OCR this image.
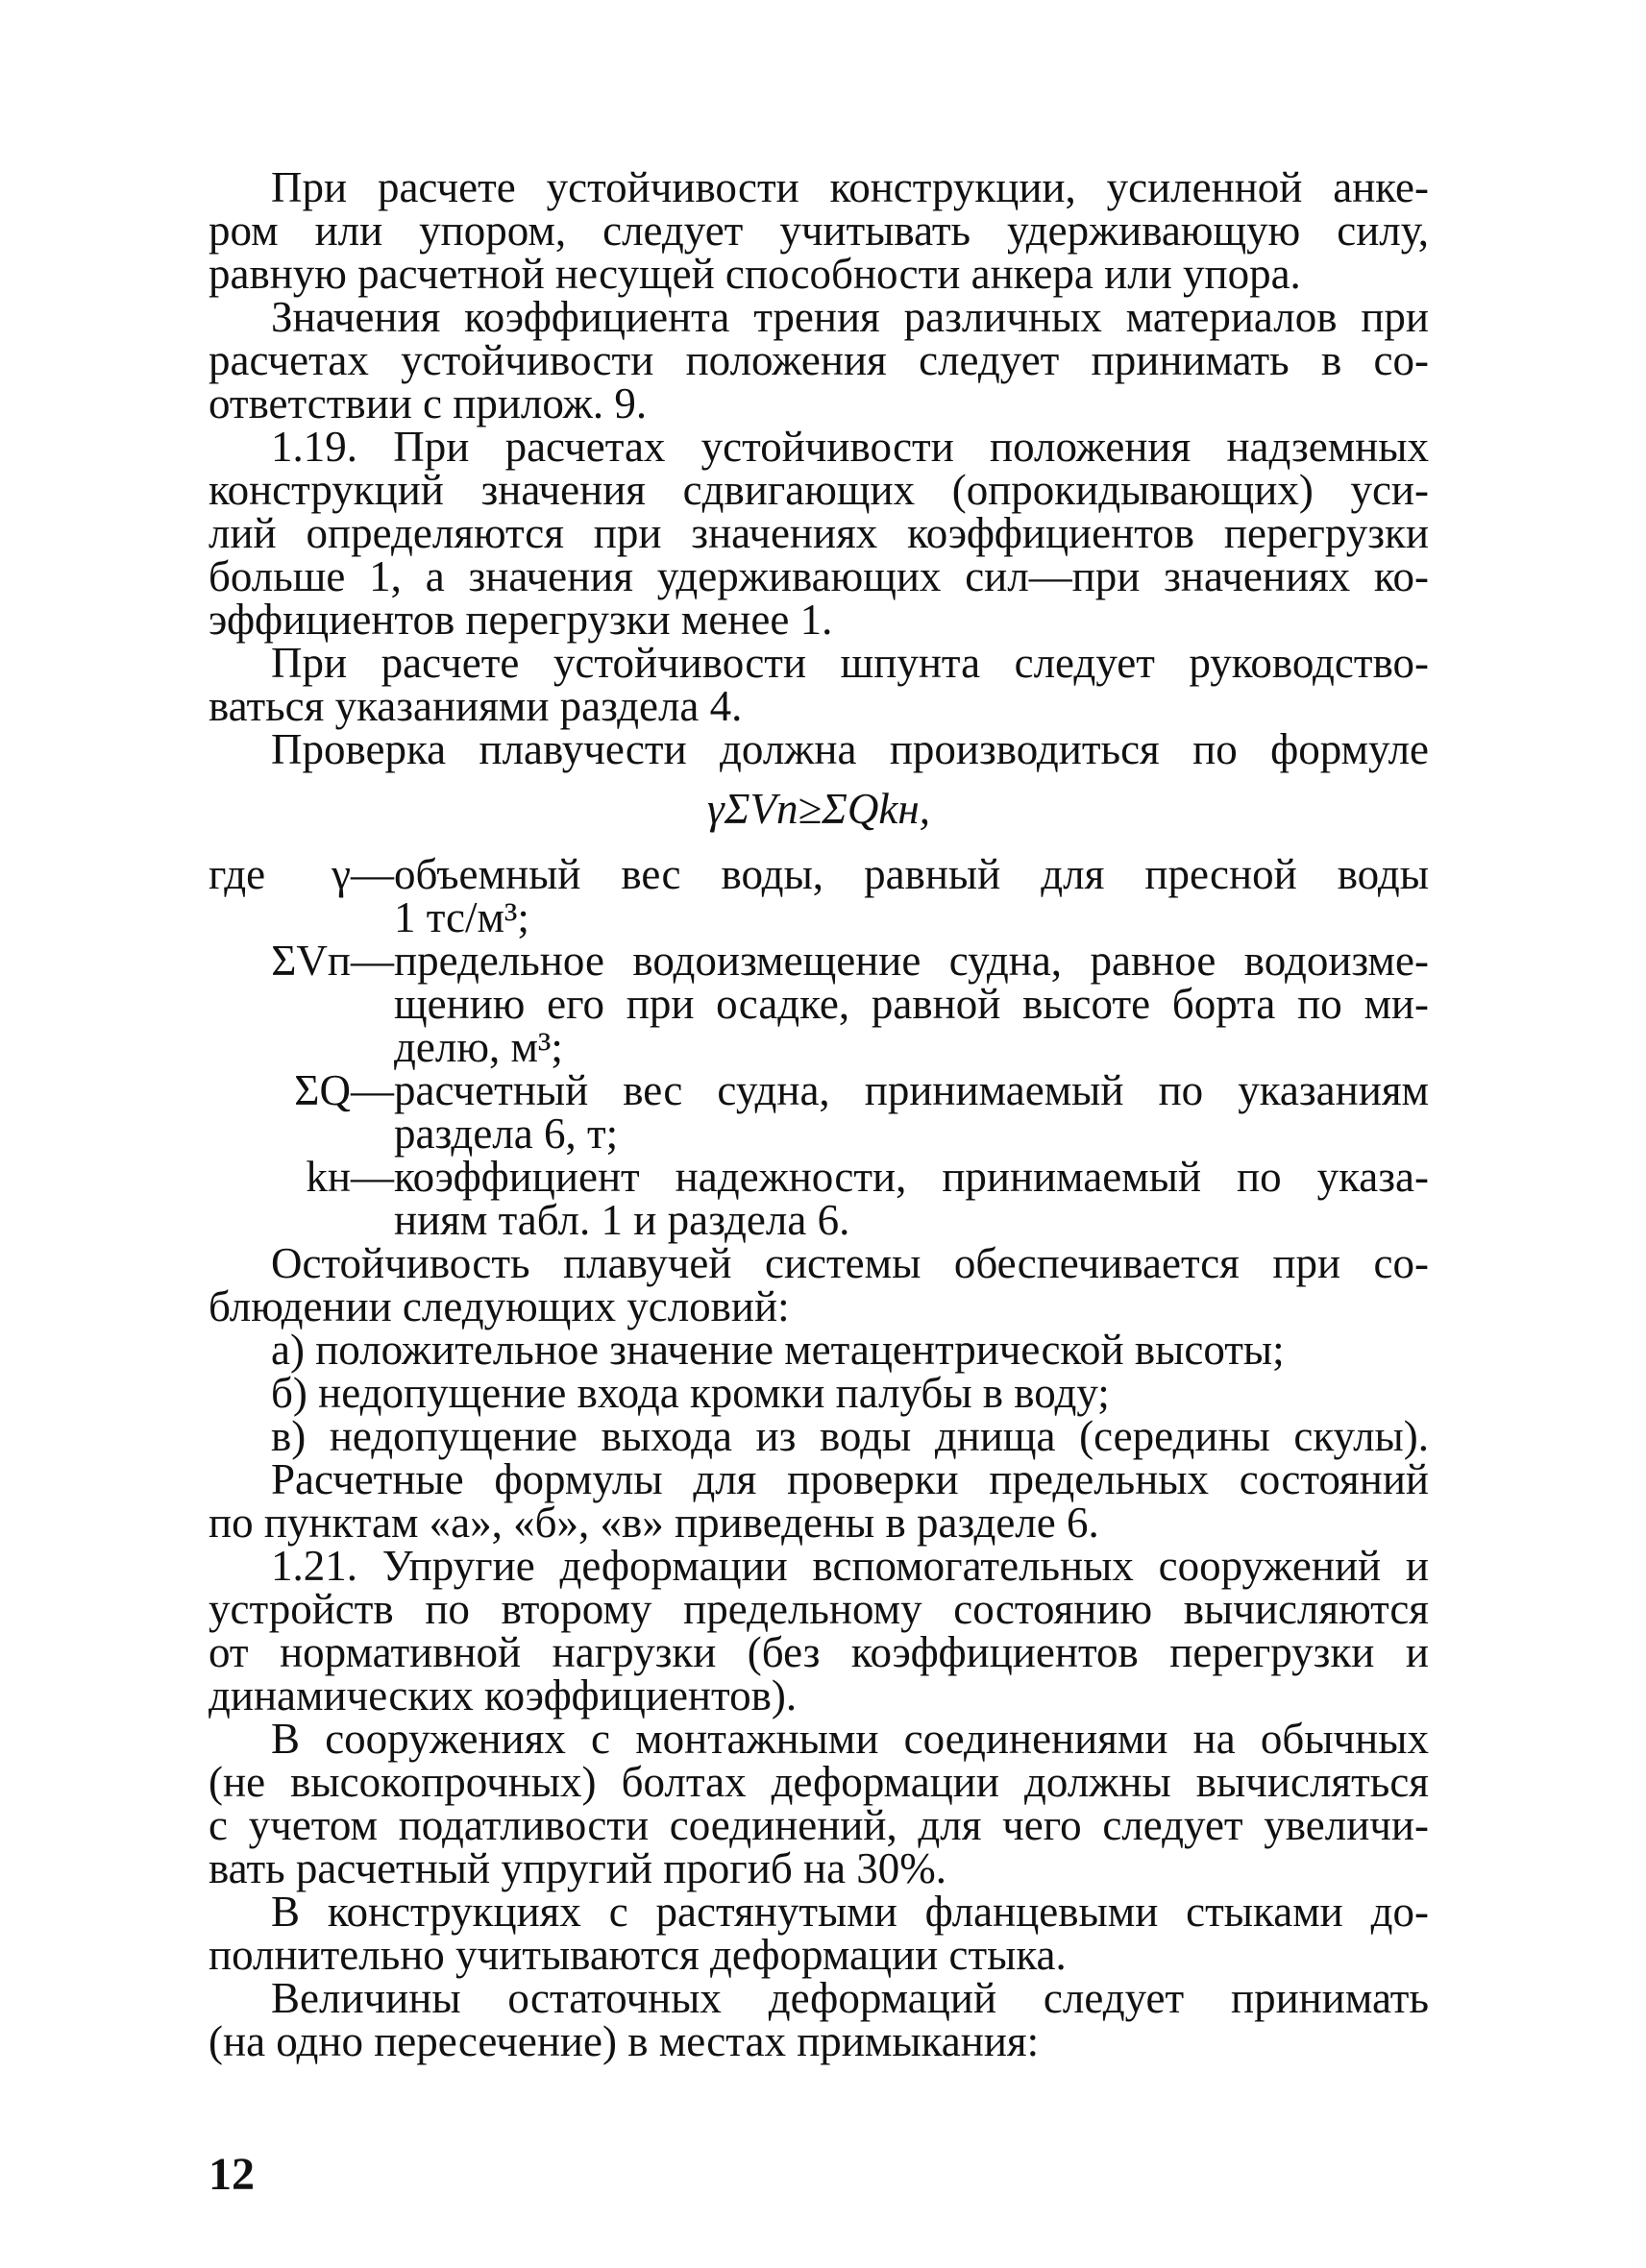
При расчете устойчивости конструкции, усиленной анке-
ром или упором, следует учитывать удерживающую силу,
равную расчетной несущей способности анкера или упора.
Значения коэффициента трения различных материалов при
расчетах устойчивости положения следует принимать в со-
ответствии с прилож. 9.
1.19. При расчетах устойчивости положения надземных
конструкций значения сдвигающих (опрокидывающих) уси-
лий определяются при значениях коэффициентов перегрузки
больше 1, а значения удерживающих сил—при значениях ко-
эффициентов перегрузки менее 1.
При расчете устойчивости шпунта следует руководство-
ваться указаниями раздела 4.
Проверка плавучести должна производиться по формуле
γΣVп≥ΣQkн,
где	γ— объемный вес воды, равный для пресной воды
1 тс/м³;
ΣVп— предельное водоизмещение судна, равное водоизме-
щению его при осадке, равной высоте борта по ми-
делю, м³;
ΣQ— расчетный вес судна, принимаемый по указаниям
раздела 6, т;
kн— коэффициент надежности, принимаемый по указа-
ниям табл. 1 и раздела 6.
Остойчивость плавучей системы обеспечивается при со-
блюдении следующих условий:
а) положительное значение метацентрической высоты;
б) недопущение входа кромки палубы в воду;
в) недопущение выхода из воды днища (середины скулы).
Расчетные формулы для проверки предельных состояний
по пунктам «а», «б», «в» приведены в разделе 6.
1.21. Упругие деформации вспомогательных сооружений и
устройств по второму предельному состоянию вычисляются
от нормативной нагрузки (без коэффициентов перегрузки и
динамических коэффициентов).
В сооружениях с монтажными соединениями на обычных
(не высокопрочных) болтах деформации должны вычисляться
с учетом податливости соединений, для чего следует увеличи-
вать расчетный упругий прогиб на 30%.
В конструкциях с растянутыми фланцевыми стыками до-
полнительно учитываются деформации стыка.
Величины остаточных деформаций следует принимать
(на одно пересечение) в местах примыкания:
12
